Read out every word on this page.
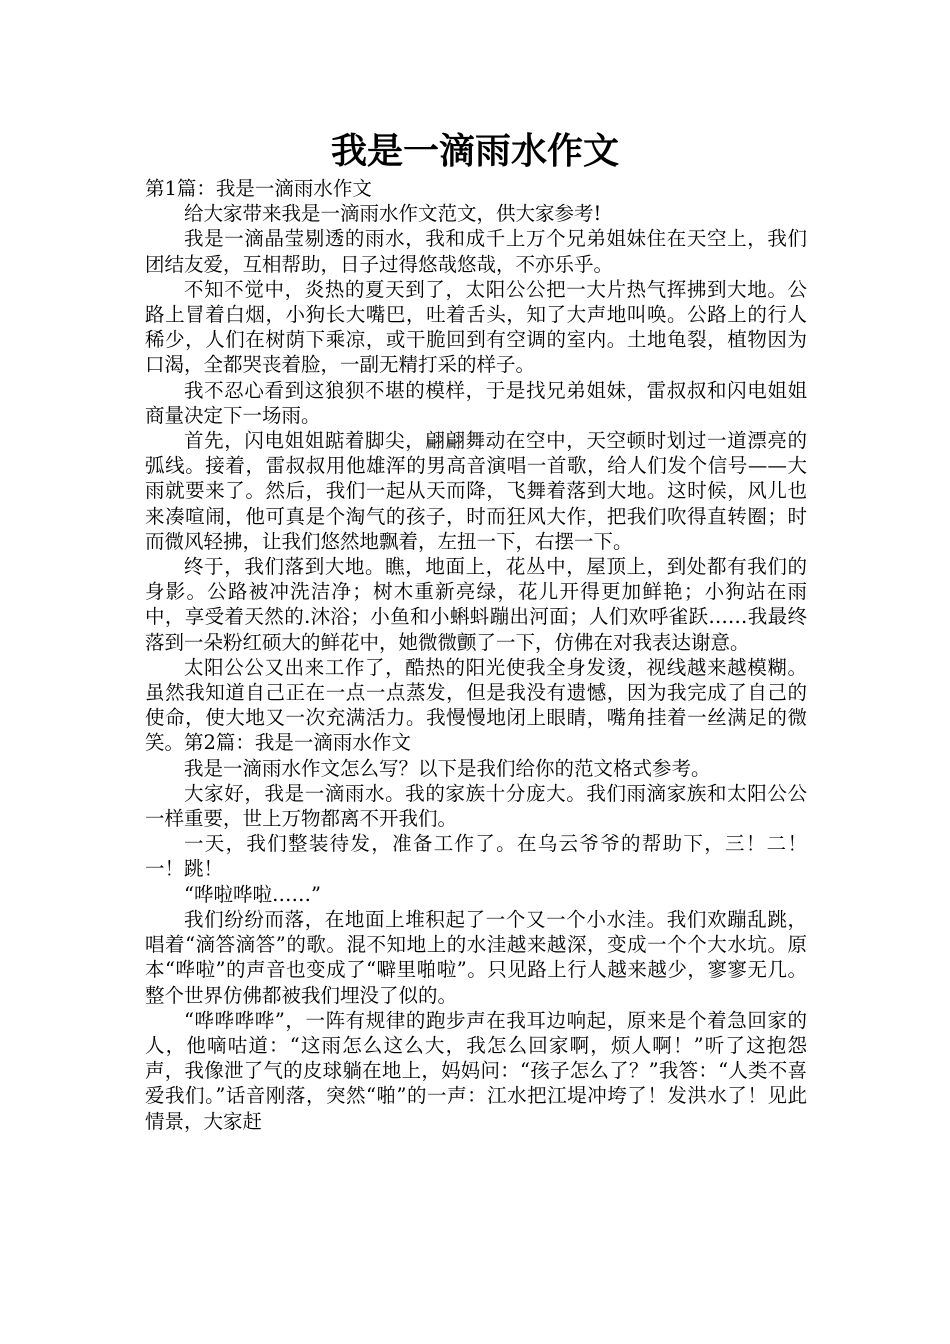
我是一滴雨水作文

第1篇：我是一滴雨水作文

给大家带来我是一滴雨水作文范文，供大家参考!

我是一滴晶莹剔透的雨水，我和成千上万个兄弟姐妹住在天空上，我们团结友爱，互相帮助，日子过得悠哉悠哉，不亦乐乎。

不知不觉中，炎热的夏天到了，太阳公公把一大片热气挥拂到大地。公路上冒着白烟，小狗长大嘴巴，吐着舌头，知了大声地叫唤。公路上的行人稀少，人们在树荫下乘凉，或干脆回到有空调的室内。土地龟裂，植物因为口渴，全都哭丧着脸，一副无精打采的样子。

我不忍心看到这狼狈不堪的模样，于是找兄弟姐妹，雷叔叔和闪电姐姐商量决定下一场雨。

首先，闪电姐姐踮着脚尖，翩翩舞动在空中，天空顿时划过一道漂亮的弧线。接着，雷叔叔用他雄浑的男高音演唱一首歌，给人们发个信号——大雨就要来了。然后，我们一起从天而降，飞舞着落到大地。这时候，风儿也来凑喧闹，他可真是个淘气的孩子，时而狂风大作，把我们吹得直转圈；时而微风轻拂，让我们悠然地飘着，左扭一下，右摆一下。

终于，我们落到大地。瞧，地面上，花丛中，屋顶上，到处都有我们的身影。公路被冲洗洁净；树木重新亮绿，花儿开得更加鲜艳；小狗站在雨中，享受着天然的.沐浴；小鱼和小蝌蚪蹦出河面；人们欢呼雀跃……我最终落到一朵粉红硕大的鲜花中，她微微颤了一下，仿佛在对我表达谢意。

太阳公公又出来工作了，酷热的阳光使我全身发烫，视线越来越模糊。虽然我知道自己正在一点一点蒸发，但是我没有遗憾，因为我完成了自己的使命，使大地又一次充满活力。我慢慢地闭上眼睛，嘴角挂着一丝满足的微笑。第2篇：我是一滴雨水作文

我是一滴雨水作文怎么写？以下是我们给你的范文格式参考。

大家好，我是一滴雨水。我的家族十分庞大。我们雨滴家族和太阳公公一样重要，世上万物都离不开我们。

一天，我们整装待发，准备工作了。在乌云爷爷的帮助下，三！二！一！跳！

“哗啦哗啦……”

我们纷纷而落，在地面上堆积起了一个又一个小水洼。我们欢蹦乱跳，唱着“滴答滴答”的歌。混不知地上的水洼越来越深，变成一个个大水坑。原本“哗啦”的声音也变成了“噼里啪啦”。只见路上行人越来越少，寥寥无几。整个世界仿佛都被我们埋没了似的。

“哗哗哗哗”，一阵有规律的跑步声在我耳边响起，原来是个着急回家的人，他嘀咕道：“这雨怎么这么大，我怎么回家啊，烦人啊！”听了这抱怨声，我像泄了气的皮球躺在地上，妈妈问：“孩子怎么了？”我答：“人类不喜爱我们。”话音刚落，突然“啪”的一声：江水把江堤冲垮了！发洪水了！见此情景，大家赶
